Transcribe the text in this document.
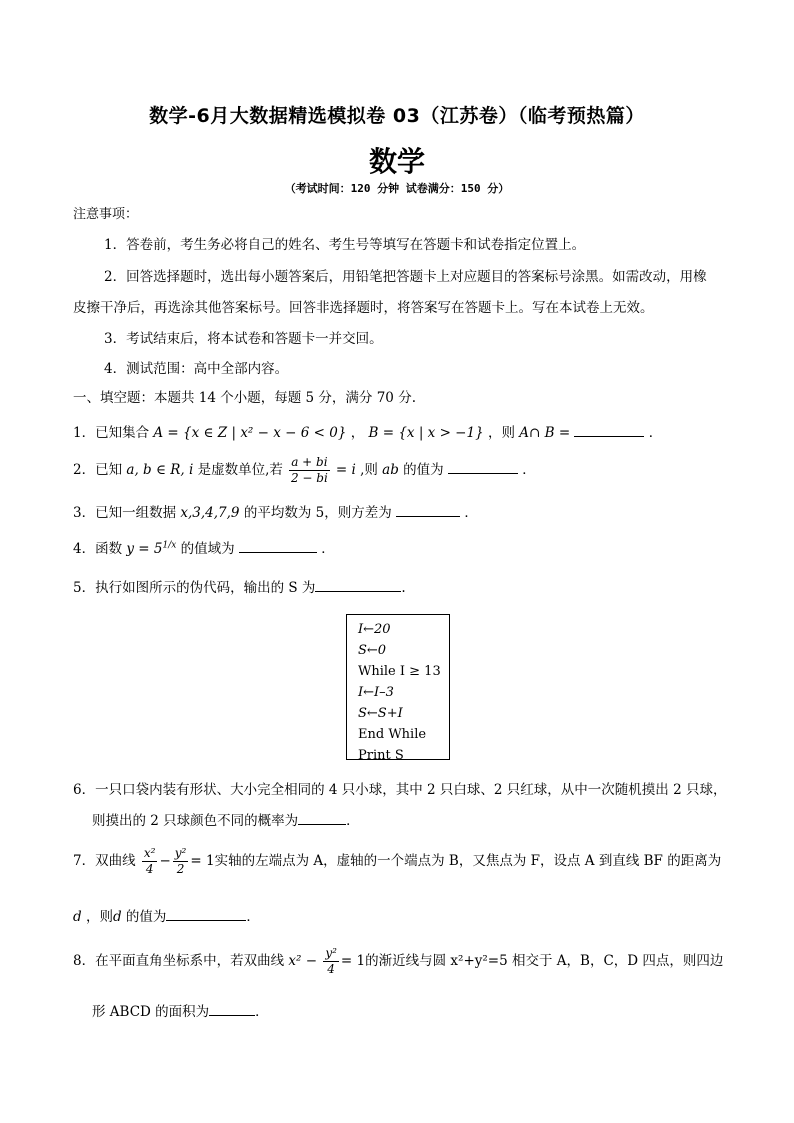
数学-6月大数据精选模拟卷 03（江苏卷）（临考预热篇）
数学
（考试时间：120 分钟 试卷满分：150 分）
注意事项：
1．答卷前，考生务必将自己的姓名、考生号等填写在答题卡和试卷指定位置上。
2．回答选择题时，选出每小题答案后，用铅笔把答题卡上对应题目的答案标号涂黑。如需改动，用橡
皮擦干净后，再选涂其他答案标号。回答非选择题时，将答案写在答题卡上。写在本试卷上无效。
3．考试结束后，将本试卷和答题卡一并交回。
4．测试范围：高中全部内容。
一、填空题：本题共 14 个小题，每题 5 分，满分 70 分.
1．已知集合 A = {x ∈ Z | x² − x − 6 < 0} ， B = {x | x > −1} ，则 A∩ B =	．
2．已知 a, b ∈ R, i 是虚数单位,若 $\frac{a + bi}{2 - bi} = i$ ,则 ab 的值为	．
3．已知一组数据 x,3,4,7,9 的平均数为 5，则方差为	．
4．函数 $y = 5^{1/x}$ 的值域为	．
5．执行如图所示的伪代码，输出的 S 为	.
I←20
S←0
While I ≥ 13
I←I–3
S←S+I
End While
Print S
6．一只口袋内装有形状、大小完全相同的 4 只小球，其中 2 只白球、2 只红球，从中一次随机摸出 2 只球，
则摸出的 2 只球颜色不同的概率为	．
7．双曲线 $\frac{\text{x²}}{4} - \frac{\text{y²}}{2} = 1$实轴的左端点为 A，虚轴的一个端点为 B，又焦点为 F，设点 A 到直线 BF 的距离为
d ，则d 的值为	．
8．在平面直角坐标系中，若双曲线 $x^2 - \frac{\text{y²}}{4} = 1$的渐近线与圆 x²+y²=5 相交于 A，B，C，D 四点，则四边
形 ABCD 的面积为	．
